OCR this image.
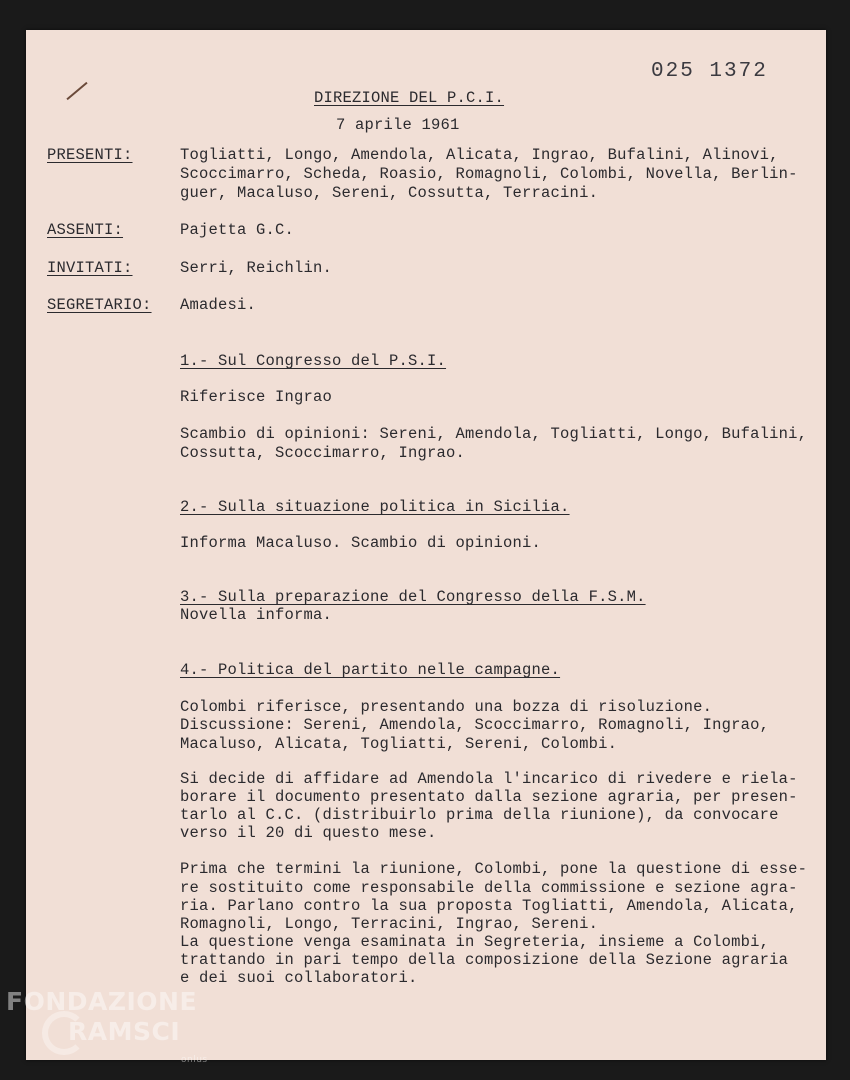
025 1372
DIREZIONE DEL P.C.I.
7 aprile 1961
PRESENTI:	Togliatti, Longo, Amendola, Alicata, Ingrao, Bufalini, Alinovi,
Scoccimarro, Scheda, Roasio, Romagnoli, Colombi, Novella, Berlin-
guer, Macaluso, Sereni, Cossutta, Terracini.
ASSENTI:	Pajetta G.C.
INVITATI:	Serri, Reichlin.
SEGRETARIO: Amadesi.
1.- Sul Congresso del P.S.I.
Riferisce Ingrao
Scambio di opinioni: Sereni, Amendola, Togliatti, Longo, Bufalini,
Cossutta, Scoccimarro, Ingrao.
2.- Sulla situazione politica in Sicilia.
Informa Macaluso. Scambio di opinioni.
3.- Sulla preparazione del Congresso della F.S.M.
Novella informa.
4.- Politica del partito nelle campagne.
Colombi riferisce, presentando una bozza di risoluzione.
Discussione: Sereni, Amendola, Scoccimarro, Romagnoli, Ingrao,
Macaluso, Alicata, Togliatti, Sereni, Colombi.
Si decide di affidare ad Amendola l'incarico di rivedere e riela-
borare il documento presentato dalla sezione agraria, per presen-
tarlo al C.C. (distribuirlo prima della riunione), da convocare
verso il 20 di questo mese.
Prima che termini la riunione, Colombi, pone la questione di esse-
re sostituito come responsabile della commissione e sezione agra-
ria. Parlano contro la sua proposta Togliatti, Amendola, Alicata,
Romagnoli, Longo, Terracini, Ingrao, Sereni.
La questione venga esaminata in Segreteria, insieme a Colombi,
trattando in pari tempo della composizione della Sezione agraria
e dei suoi collaboratori.
FONDAZIONE
RAMSCI
onlus
